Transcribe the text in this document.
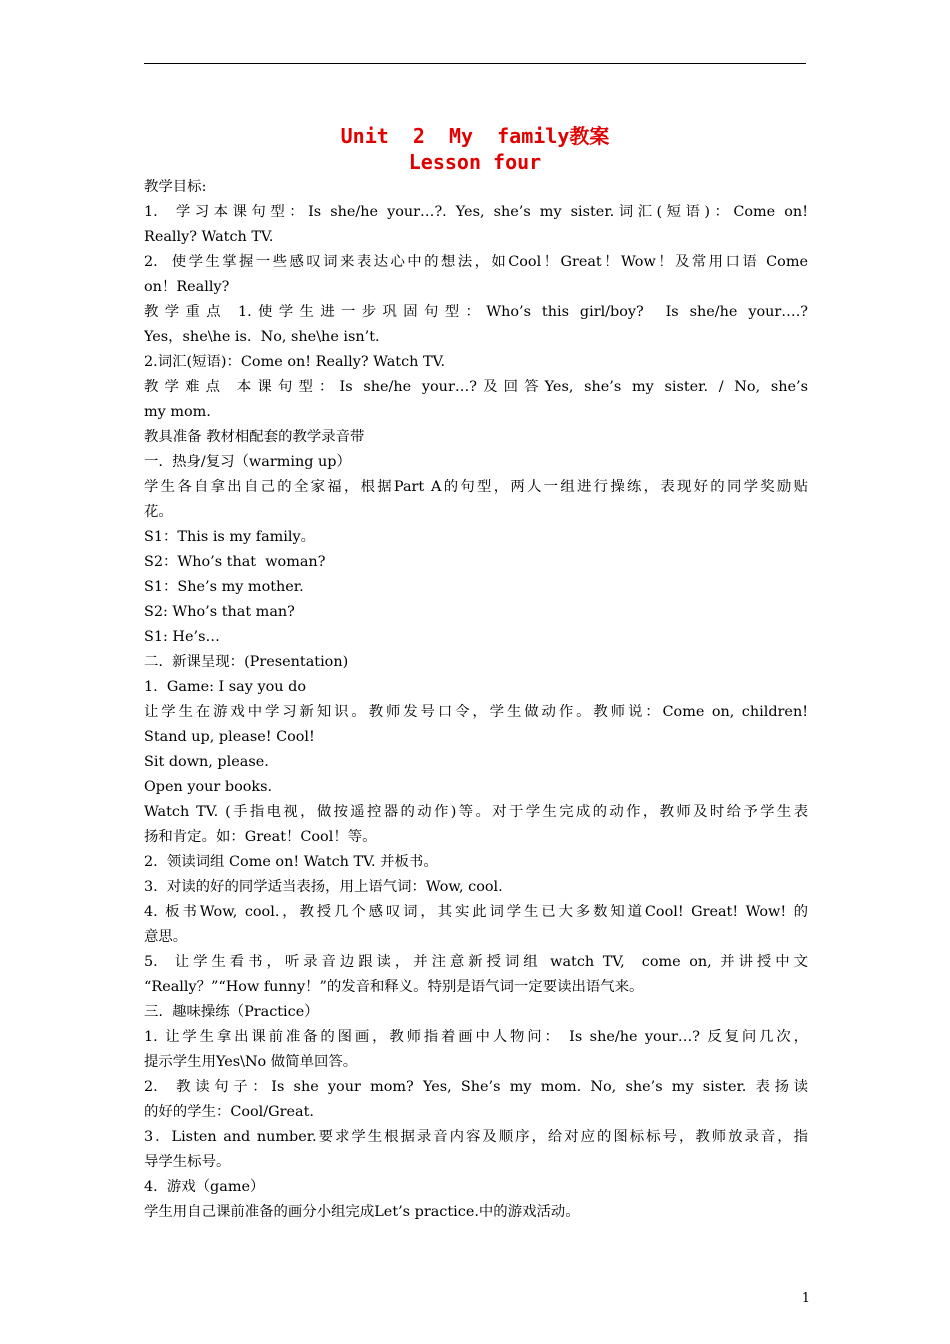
Unit  2  My  family教案
Lesson four
教学目标:
1.  学习本课句型：Is she/he your…?. Yes, she’s my sister.词汇(短语)：Come on!
Really? Watch TV.
2.  使学生掌握一些感叹词来表达心中的想法，如Cool！Great！Wow！及常用口语 Come
on！Really?
教学重点 1.使学生进一步巩固句型：Who’s this girl/boy?  Is she/he your….?
Yes，she\he is.  No, she\he isn’t.
2.词汇(短语)：Come on! Really? Watch TV.
教学难点 本课句型：Is she/he your…?及回答Yes, she’s my sister. / No, she’s
my mom.
教具准备 教材相配套的教学录音带
一.  热身/复习（warming up）
学生各自拿出自己的全家福，根据Part A的句型，两人一组进行操练，表现好的同学奖励贴
花。
S1：This is my family。
S2：Who’s that  woman?
S1：She’s my mother.
S2: Who’s that man?
S1: He’s…
二.  新课呈现：(Presentation)
1.  Game: I say you do
让学生在游戏中学习新知识。教师发号口令，学生做动作。教师说：Come on, children!
Stand up, please! Cool!
Sit down, please.
Open your books.
Watch TV. (手指电视，做按遥控器的动作)等。对于学生完成的动作，教师及时给予学生表
扬和肯定。如：Great！Cool！等。
2.  领读词组 Come on! Watch TV. 并板书。
3.  对读的好的同学适当表扬，用上语气词：Wow, cool.
4. 板书Wow, cool.，教授几个感叹词，其实此词学生已大多数知道Cool! Great! Wow! 的
意思。
5.  让学生看书，听录音边跟读，并注意新授词组 watch TV,  come on, 并讲授中文
“Really？”“How funny！”的发音和释义。特别是语气词一定要读出语气来。
三.  趣味操练（Practice）
1. 让学生拿出课前准备的图画，教师指着画中人物问： Is she/he your…? 反复问几次，
提示学生用Yes\No 做简单回答。
2.  教读句子：Is she your mom? Yes, She’s my mom. No, she’s my sister. 表扬读
的好的学生：Cool/Great.
3．Listen and number.要求学生根据录音内容及顺序，给对应的图标标号，教师放录音，指
导学生标号。
4.  游戏（game）
学生用自己课前准备的画分小组完成Let’s practice.中的游戏活动。
1
